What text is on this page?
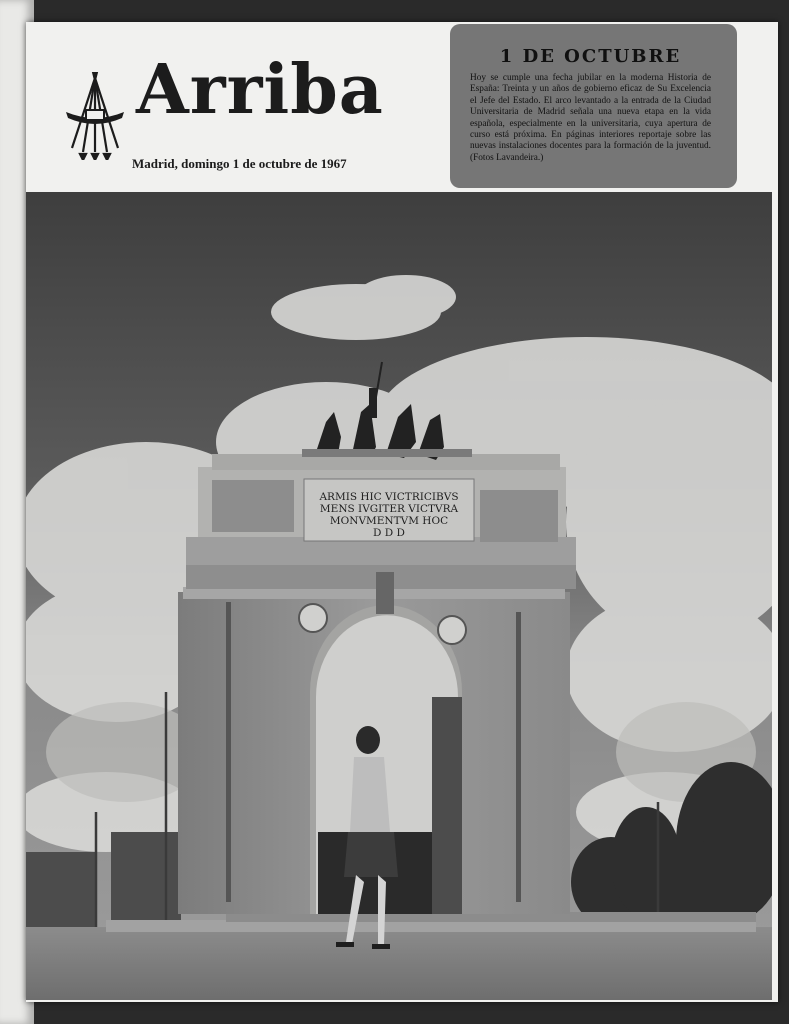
Arriba
Madrid, domingo 1 de octubre de 1967
1 DE OCTUBRE

Hoy se cumple una fecha jubilar en la moderna Historia de España: Treinta y un años de gobierno eficaz de Su Excelencia el Jefe del Estado. El arco levantado a la entrada de la Ciudad Universitaria de Madrid señala una nueva etapa en la vida española, especialmente en la universitaria, cuya apertura de curso está próxima. En páginas interiores reportaje sobre las nuevas instalaciones docentes para la formación de la juventud. (Fotos Lavandeira.)

ARMIS HIC VICTRICIBVS
MENS IVGITER VICTVRA
MONVMENTVM HOC
D D D
